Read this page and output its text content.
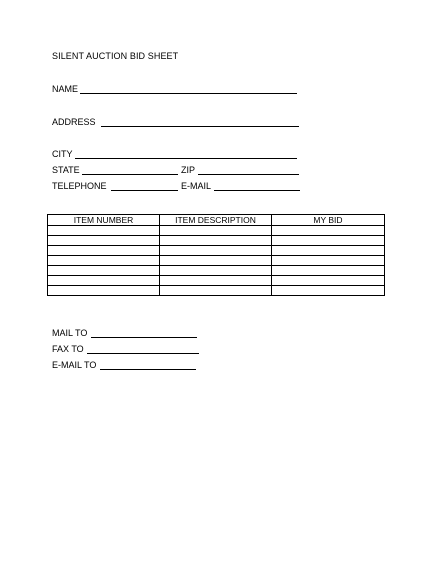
SILENT AUCTION BID SHEET
NAME
ADDRESS
CITY
STATE	ZIP
TELEPHONE	E-MAIL
ITEM NUMBER	ITEM DESCRIPTION	MY BID

MAIL TO
FAX TO
E-MAIL TO
